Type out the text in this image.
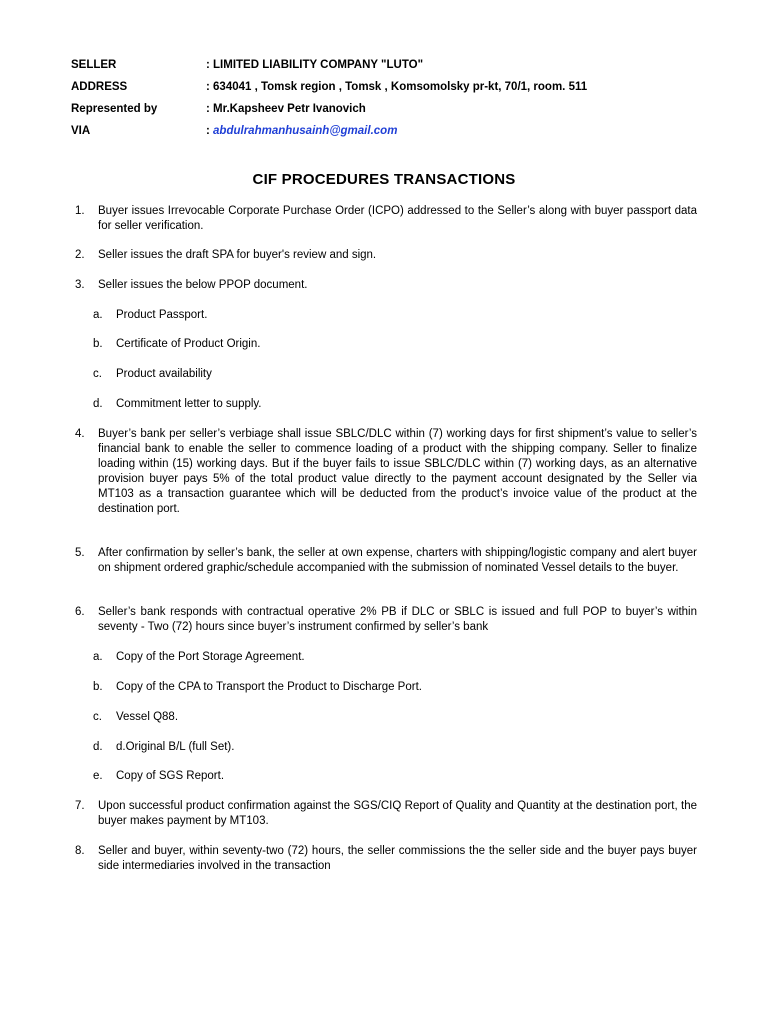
SELLER	: LIMITED LIABILITY COMPANY "LUTO"
ADDRESS	: 634041 , Tomsk region , Tomsk , Komsomolsky pr-kt, 70/1, room. 511
Represented by	: Mr.Kapsheev Petr Ivanovich
VIA	: abdulrahmanhusainh@gmail.com
CIF PROCEDURES TRANSACTIONS
1. Buyer issues Irrevocable Corporate Purchase Order (ICPO) addressed to the Seller’s along with buyer passport data for seller verification.
2. Seller issues the draft SPA for buyer's review and sign.
3. Seller issues the below PPOP document.
a. Product Passport.
b. Certificate of Product Origin.
c. Product availability
d. Commitment letter to supply.
4. Buyer’s bank per seller’s verbiage shall issue SBLC/DLC within (7) working days for first shipment’s value to seller’s financial bank to enable the seller to commence loading of a product with the shipping company. Seller to finalize loading within (15) working days. But if the buyer fails to issue SBLC/DLC within (7) working days, as an alternative provision buyer pays 5% of the total product value directly to the payment account designated by the Seller via MT103 as a transaction guarantee which will be deducted from the product’s invoice value of the product at the destination port.
5. After confirmation by seller’s bank, the seller at own expense, charters with shipping/logistic company and alert buyer on shipment ordered graphic/schedule accompanied with the submission of nominated Vessel details to the buyer.
6. Seller’s bank responds with contractual operative 2% PB if DLC or SBLC is issued and full POP to buyer’s within seventy - Two (72) hours since buyer’s instrument confirmed by seller’s bank
a. Copy of the Port Storage Agreement.
b. Copy of the CPA to Transport the Product to Discharge Port.
c. Vessel Q88.
d. d.Original B/L (full Set).
e. Copy of SGS Report.
7. Upon successful product confirmation against the SGS/CIQ Report of Quality and Quantity at the destination port, the buyer makes payment by MT103.
8. Seller and buyer, within seventy-two (72) hours, the seller commissions the the seller side and the buyer pays buyer side intermediaries involved in the transaction
